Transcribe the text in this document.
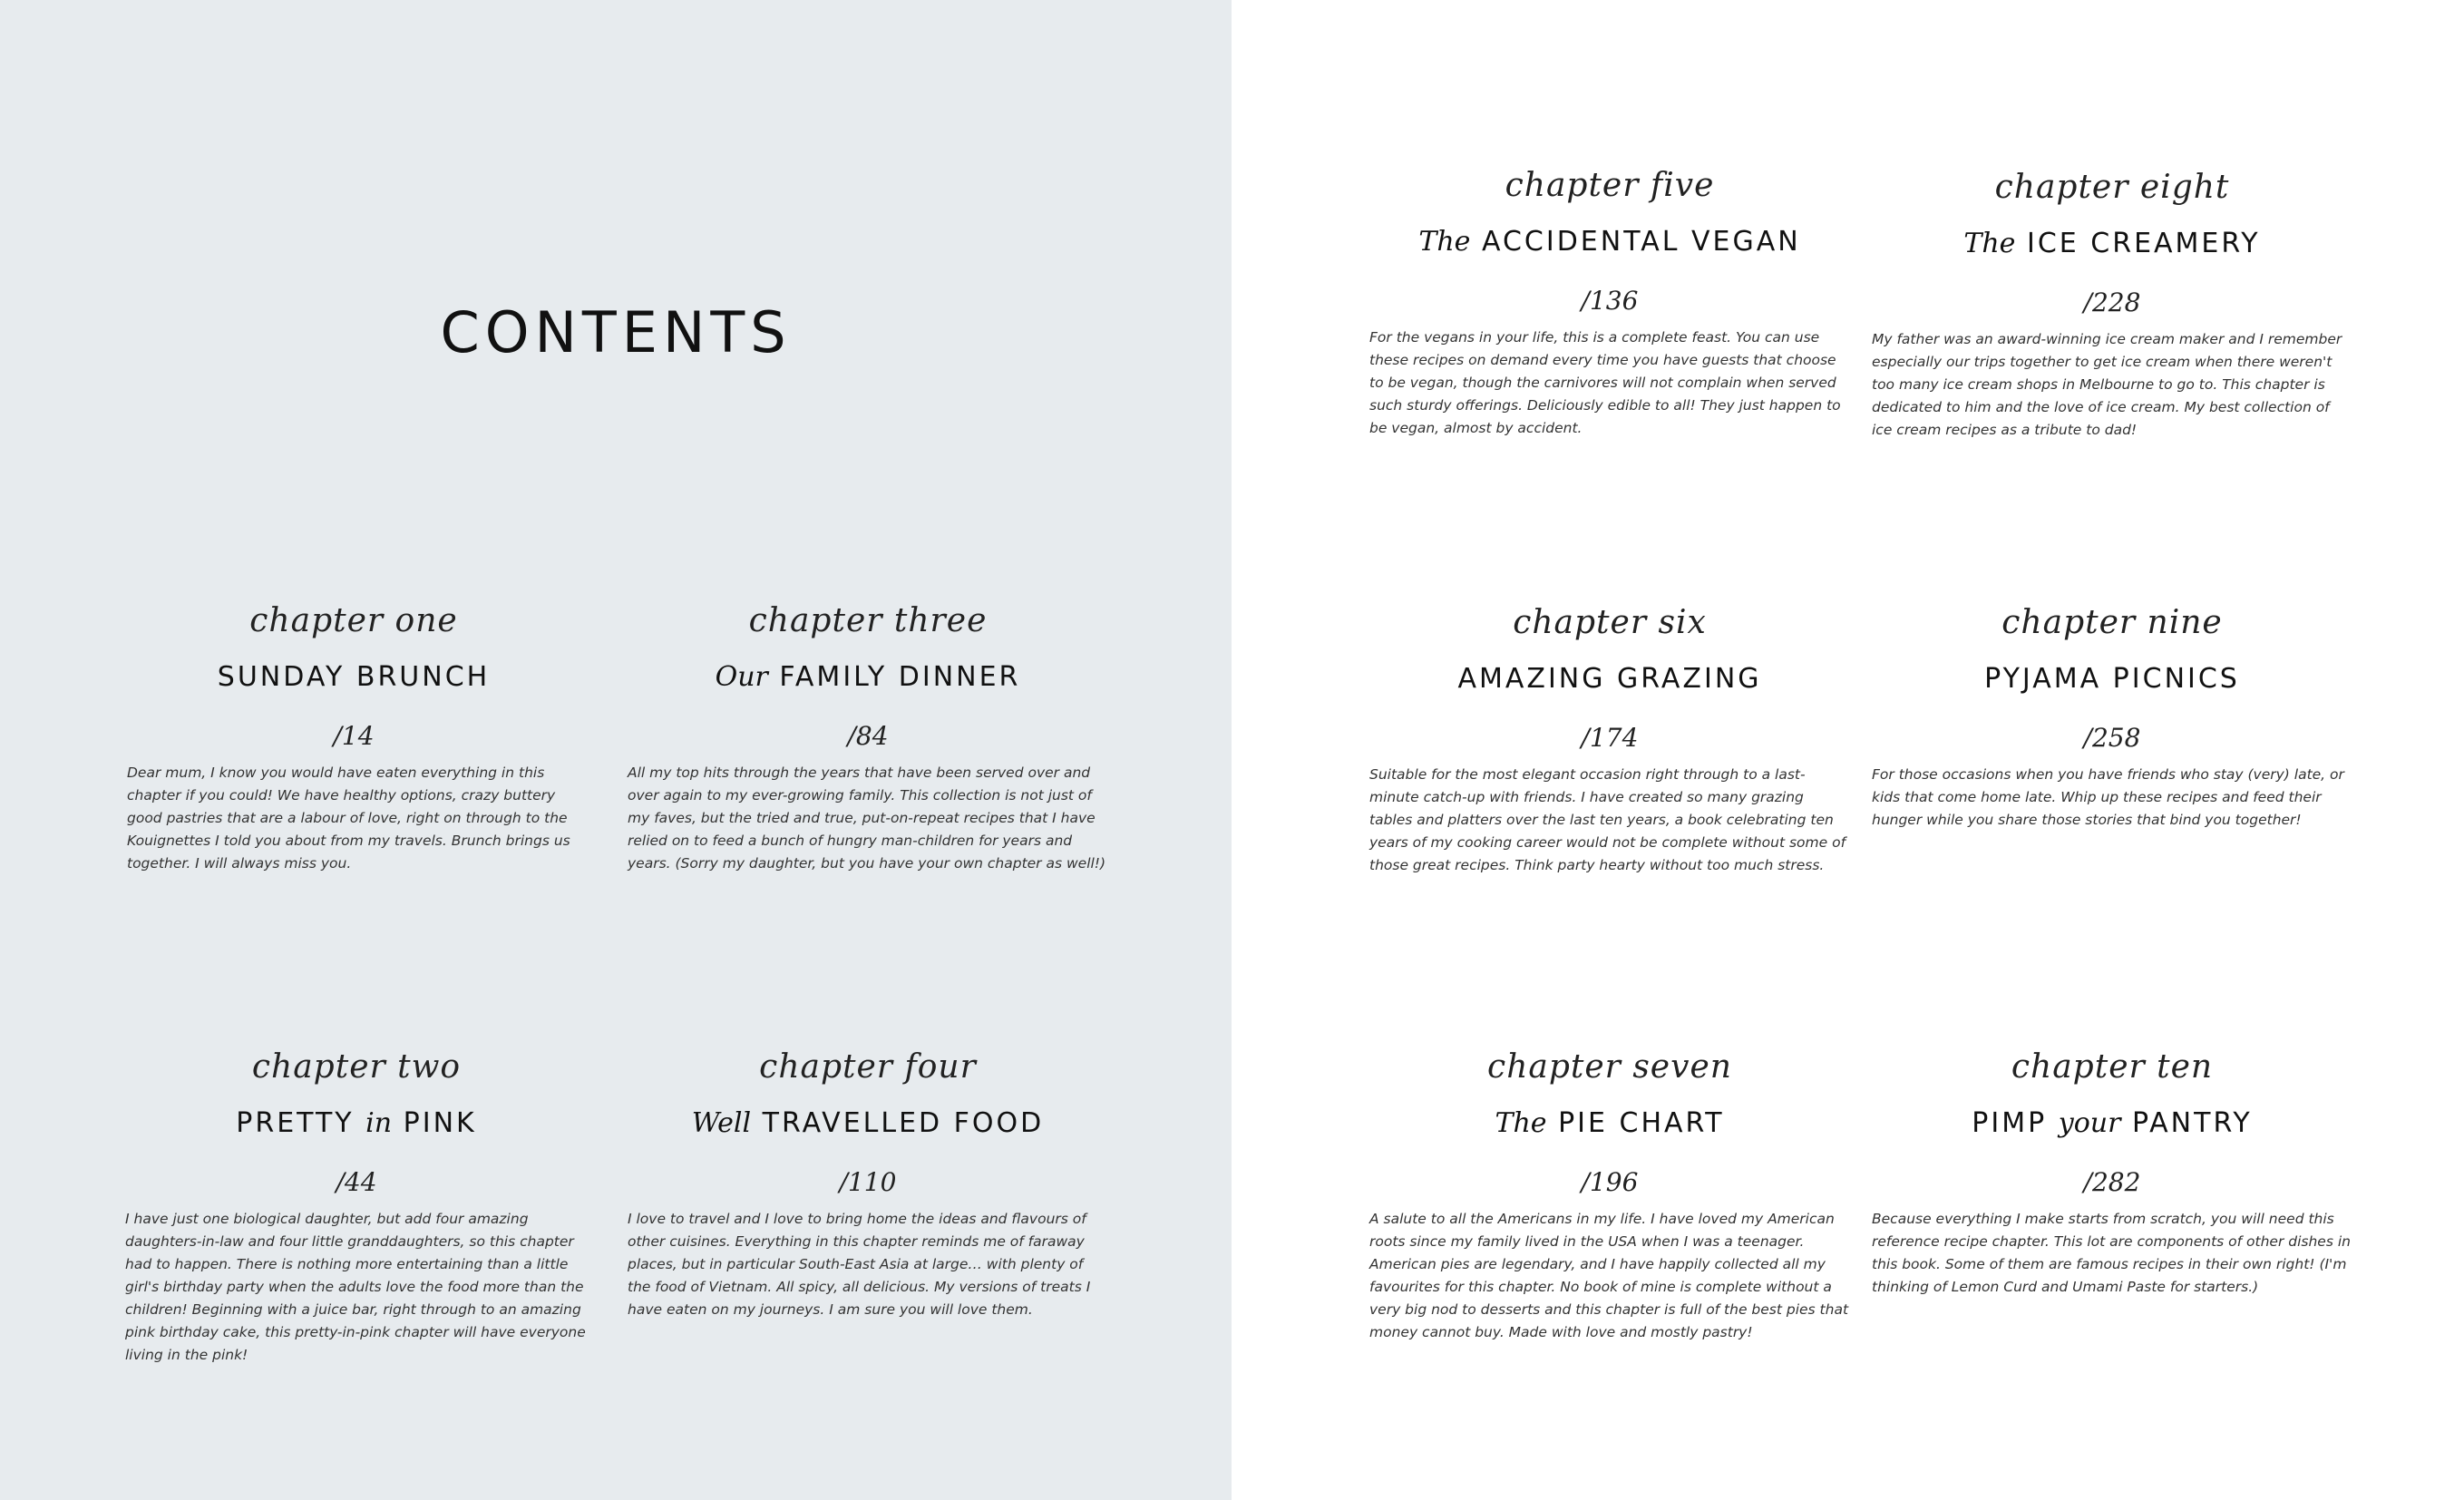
CONTENTS
chapter one
SUNDAY BRUNCH
/14
Dear mum, I know you would have eaten everything in this chapter if you could! We have healthy options, crazy buttery good pastries that are a labour of love, right on through to the Kouignettes I told you about from my travels. Brunch brings us together. I will always miss you.
chapter two
PRETTY in PINK
/44
I have just one biological daughter, but add four amazing daughters-in-law and four little granddaughters, so this chapter had to happen. There is nothing more entertaining than a little girl's birthday party when the adults love the food more than the children! Beginning with a juice bar, right through to an amazing pink birthday cake, this pretty-in-pink chapter will have everyone living in the pink!
chapter three
Our FAMILY DINNER
/84
All my top hits through the years that have been served over and over again to my ever-growing family. This collection is not just of my faves, but the tried and true, put-on-repeat recipes that I have relied on to feed a bunch of hungry man-children for years and years. (Sorry my daughter, but you have your own chapter as well!)
chapter four
Well TRAVELLED FOOD
/110
I love to travel and I love to bring home the ideas and flavours of other cuisines. Everything in this chapter reminds me of faraway places, but in particular South-East Asia at large… with plenty of the food of Vietnam. All spicy, all delicious. My versions of treats I have eaten on my journeys. I am sure you will love them.
chapter five
The ACCIDENTAL VEGAN
/136
For the vegans in your life, this is a complete feast. You can use these recipes on demand every time you have guests that choose to be vegan, though the carnivores will not complain when served such sturdy offerings. Deliciously edible to all! They just happen to be vegan, almost by accident.
chapter six
AMAZING GRAZING
/174
Suitable for the most elegant occasion right through to a last-minute catch-up with friends. I have created so many grazing tables and platters over the last ten years, a book celebrating ten years of my cooking career would not be complete without some of those great recipes. Think party hearty without too much stress.
chapter seven
The PIE CHART
/196
A salute to all the Americans in my life. I have loved my American roots since my family lived in the USA when I was a teenager. American pies are legendary, and I have happily collected all my favourites for this chapter. No book of mine is complete without a very big nod to desserts and this chapter is full of the best pies that money cannot buy. Made with love and mostly pastry!
chapter eight
The ICE CREAMERY
/228
My father was an award-winning ice cream maker and I remember especially our trips together to get ice cream when there weren't too many ice cream shops in Melbourne to go to. This chapter is dedicated to him and the love of ice cream. My best collection of ice cream recipes as a tribute to dad!
chapter nine
PYJAMA PICNICS
/258
For those occasions when you have friends who stay (very) late, or kids that come home late. Whip up these recipes and feed their hunger while you share those stories that bind you together!
chapter ten
PIMP your PANTRY
/282
Because everything I make starts from scratch, you will need this reference recipe chapter. This lot are components of other dishes in this book. Some of them are famous recipes in their own right! (I'm thinking of Lemon Curd and Umami Paste for starters.)
